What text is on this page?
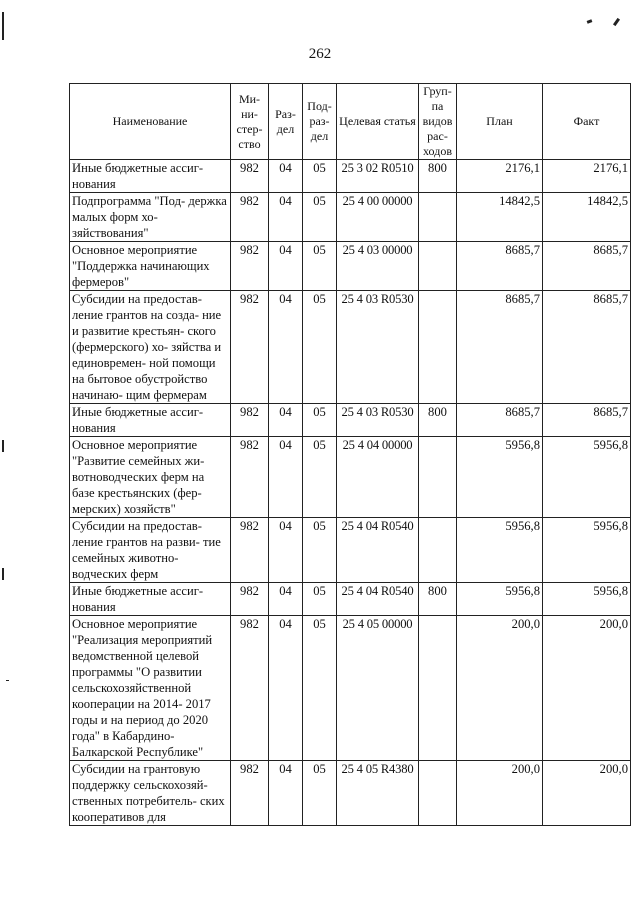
262
Наименование	Ми- ни- стер- ство	Раз- дел	Под- раз- дел	Целевая статья	Груп- па видов рас- ходов	План	Факт
Иные бюджетные ассиг- нования	982	04	05	25 3 02 R0510	800	2176,1	2176,1
Подпрограмма "Под- держка малых форм хо- зяйствования"	982	04	05	25 4 00 00000		14842,5	14842,5
Основное мероприятие "Поддержка начинающих фермеров"	982	04	05	25 4 03 00000		8685,7	8685,7
Субсидии на предостав- ление грантов на созда- ние и развитие крестьян- ского (фермерского) хо- зяйства и единовремен- ной помощи на бытовое обустройство начинаю- щим фермерам	982	04	05	25 4 03 R0530		8685,7	8685,7
Иные бюджетные ассиг- нования	982	04	05	25 4 03 R0530	800	8685,7	8685,7
Основное мероприятие "Развитие семейных жи- вотноводческих ферм на базе крестьянских (фер- мерских) хозяйств"	982	04	05	25 4 04 00000		5956,8	5956,8
Субсидии на предостав- ление грантов на разви- тие семейных животно- водческих ферм	982	04	05	25 4 04 R0540		5956,8	5956,8
Иные бюджетные ассиг- нования	982	04	05	25 4 04 R0540	800	5956,8	5956,8
Основное мероприятие "Реализация мероприятий ведомственной целевой программы "О развитии сельскохозяйственной кооперации на 2014- 2017 годы и на период до 2020 года" в Кабардино- Балкарской Республике"	982	04	05	25 4 05 00000		200,0	200,0
Субсидии на грантовую поддержку сельскохозяй- ственных потребитель- ских кооперативов для	982	04	05	25 4 05 R4380		200,0	200,0
